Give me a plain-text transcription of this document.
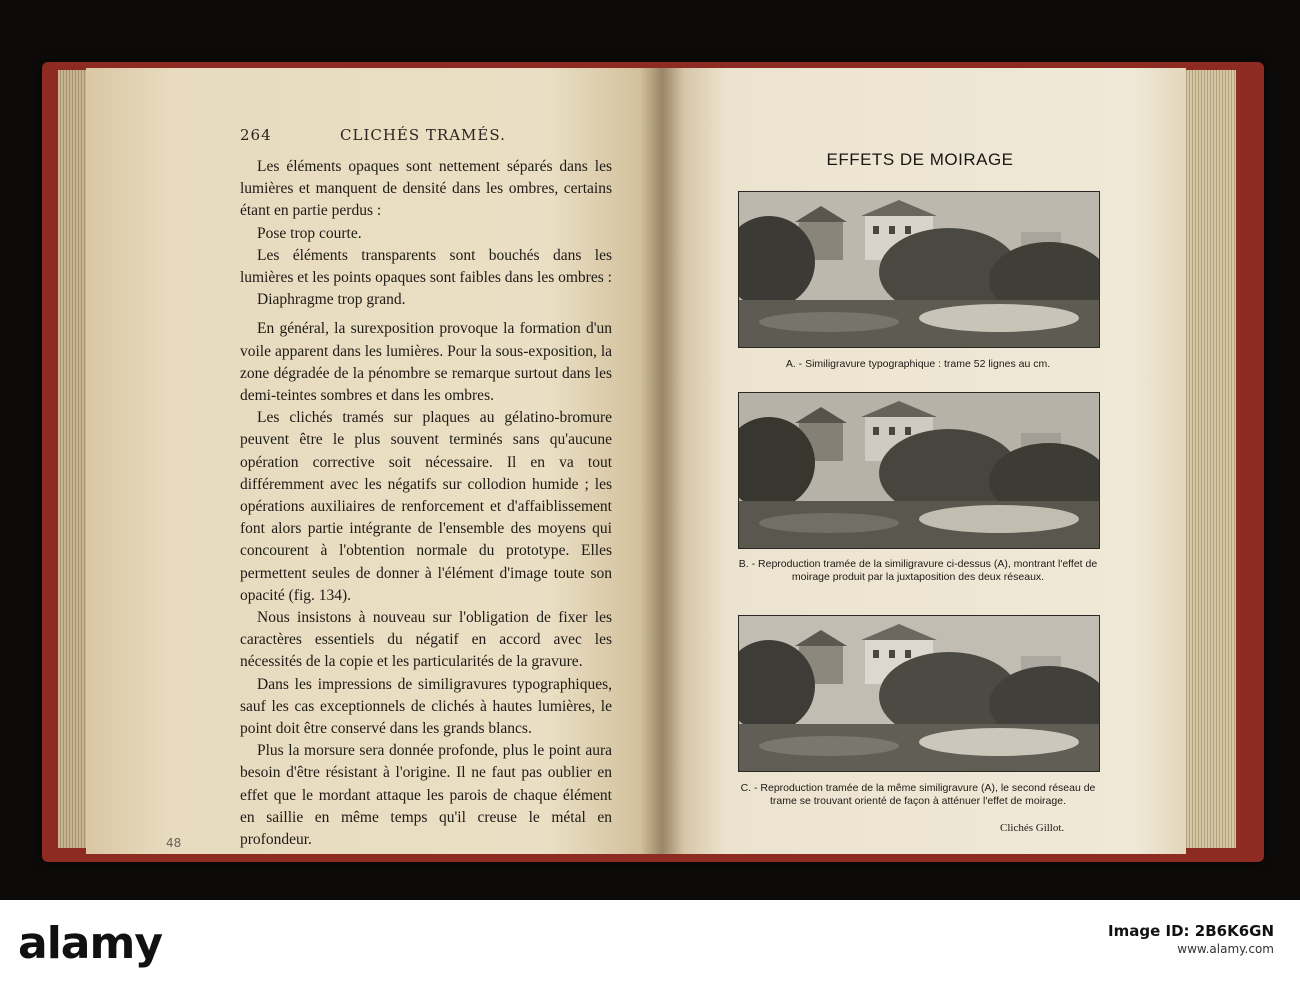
264	CLICHÉS TRAMÉS.

Les éléments opaques sont nettement séparés dans les lumières et manquent de densité dans les ombres, certains étant en partie perdus :

Pose trop courte.

Les éléments transparents sont bouchés dans les lumières et les points opaques sont faibles dans les ombres :

Diaphragme trop grand.

En général, la surexposition provoque la formation d'un voile apparent dans les lumières. Pour la sous-exposition, la zone dégradée de la pénombre se remarque surtout dans les demi-teintes sombres et dans les ombres.

Les clichés tramés sur plaques au gélatino-bromure peuvent être le plus souvent terminés sans qu'aucune opération corrective soit nécessaire. Il en va tout différemment avec les négatifs sur collodion humide ; les opérations auxiliaires de renforcement et d'affaiblissement font alors partie intégrante de l'ensemble des moyens qui concourent à l'obtention normale du prototype. Elles permettent seules de donner à l'élément d'image toute son opacité (fig. 134).

Nous insistons à nouveau sur l'obligation de fixer les caractères essentiels du négatif en accord avec les nécessités de la copie et les particularités de la gravure.

Dans les impressions de similigravures typographiques, sauf les cas exceptionnels de clichés à hautes lumières, le point doit être conservé dans les grands blancs.

Plus la morsure sera donnée profonde, plus le point aura besoin d'être résistant à l'origine. Il ne faut pas oublier en effet que le mordant attaque les parois de chaque élément en saillie en même temps qu'il creuse le métal en profondeur.

48
EFFETS DE MOIRAGE
A. - Similigravure typographique : trame 52 lignes au cm.
B. - Reproduction tramée de la similigravure ci-dessus (A), montrant l'effet de moirage produit par la juxtaposition des deux réseaux.
C. - Reproduction tramée de la même similigravure (A), le second réseau de trame se trouvant orienté de façon à atténuer l'effet de moirage.
Clichés Gillot.
alamy	Image ID: 2B6K6GN
www.alamy.com
